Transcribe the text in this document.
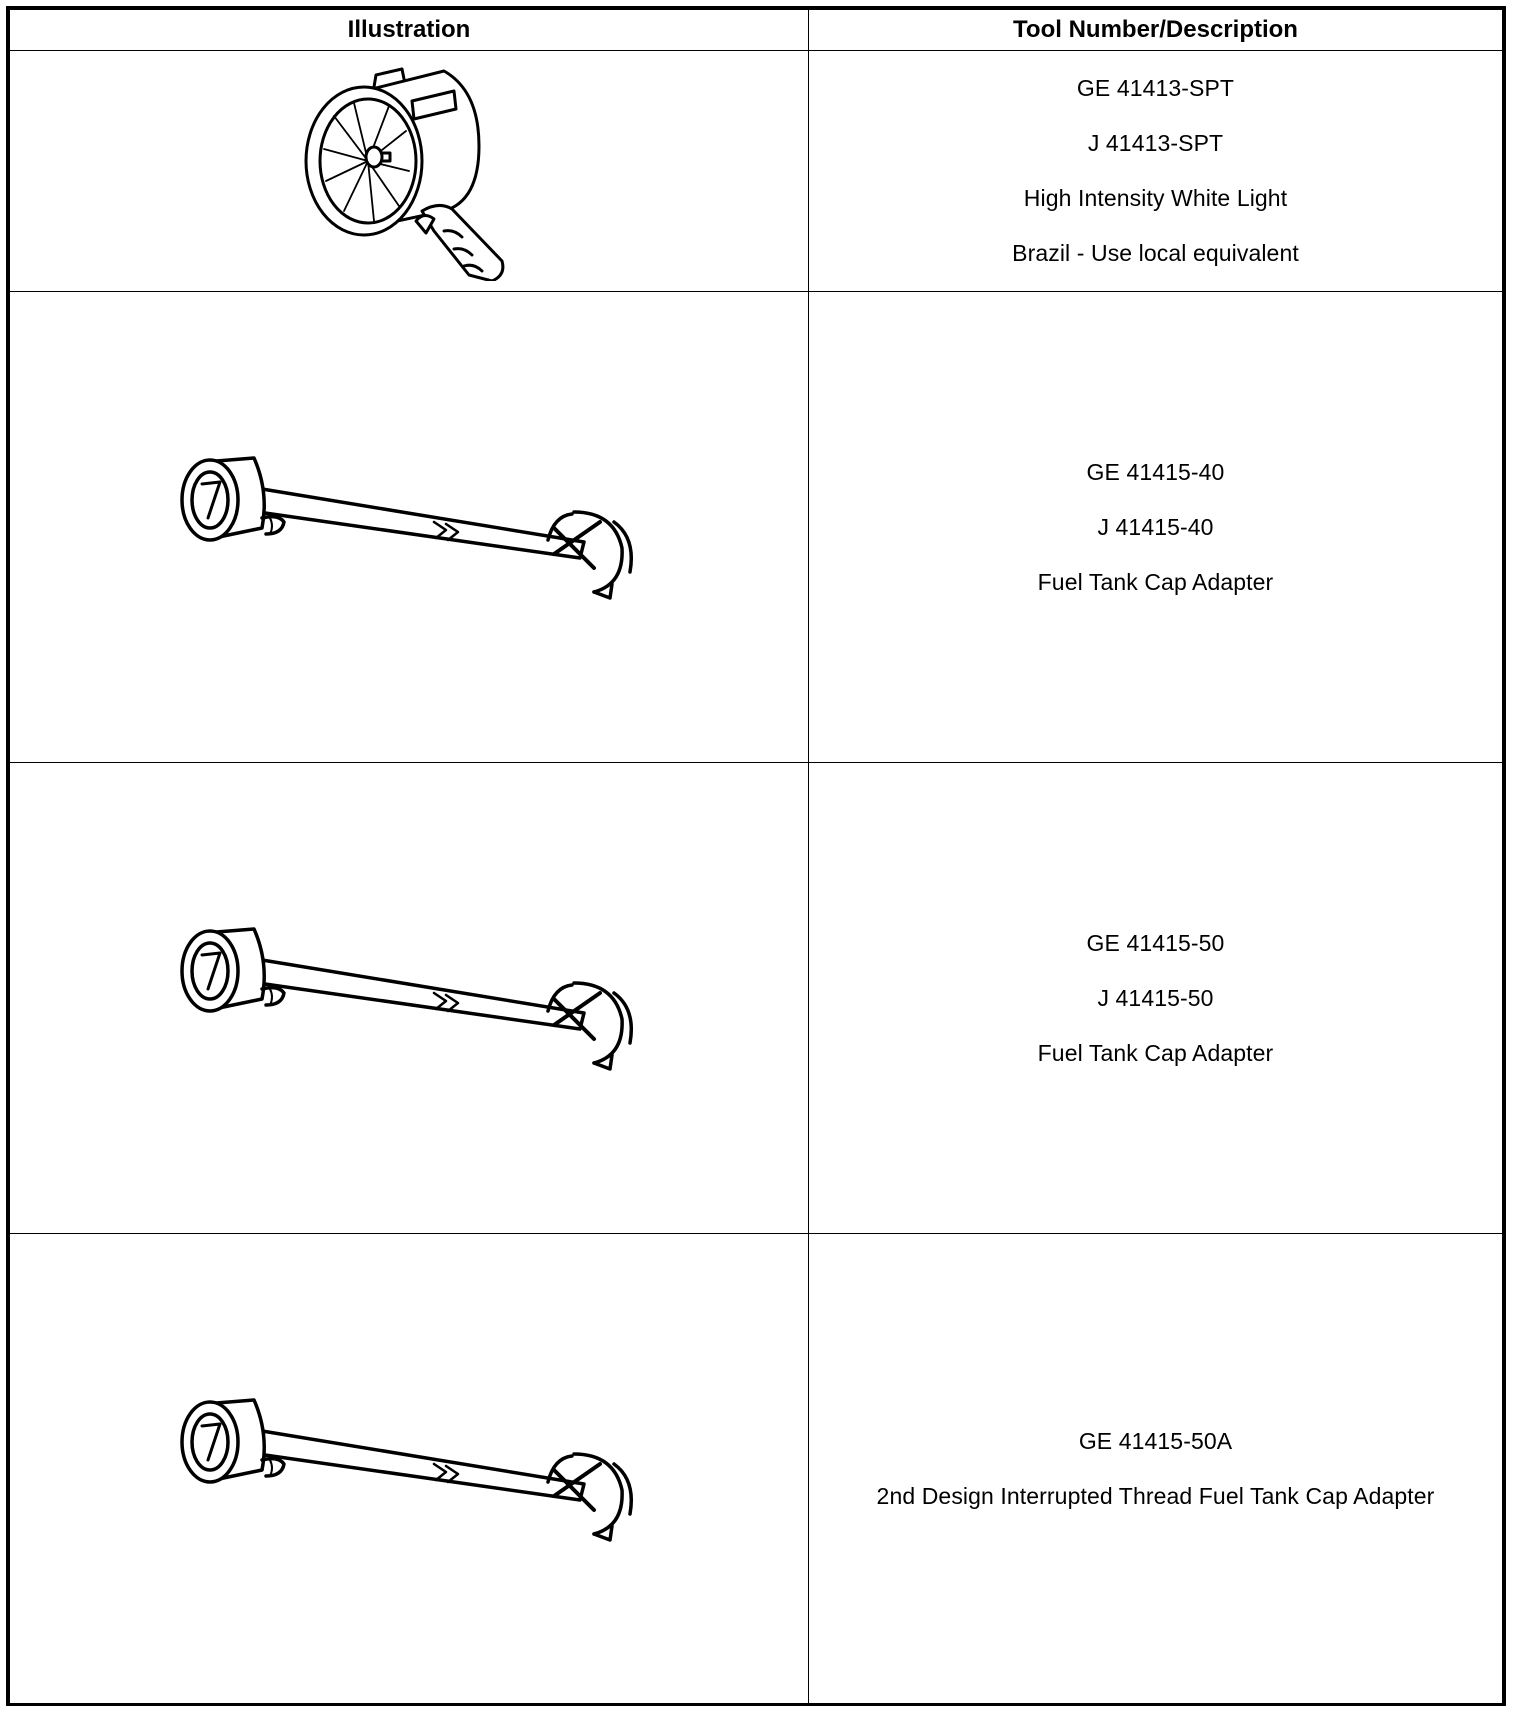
Illustration	Tool Number/Description

GE 41413-SPT
J 41413-SPT
High Intensity White Light
Brazil - Use local equivalent

GE 41415-40
J 41415-40
Fuel Tank Cap Adapter

GE 41415-50
J 41415-50
Fuel Tank Cap Adapter

GE 41415-50A
2nd Design Interrupted Thread Fuel Tank Cap Adapter
